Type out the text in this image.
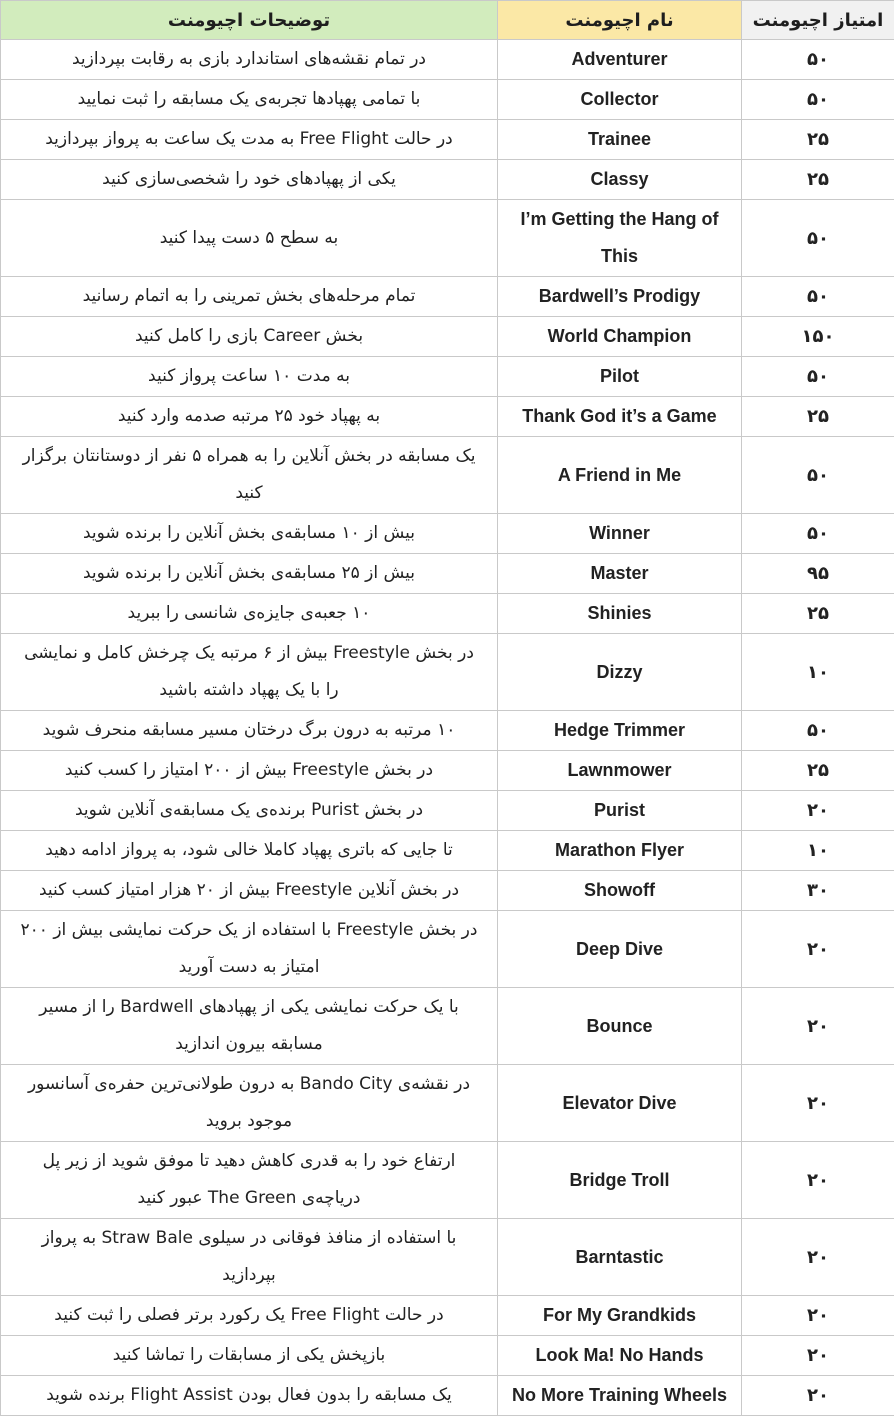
امتیاز اچیومنت	نام اچیومنت	توضیحات اچیومنت
۵۰	Adventurer	در تمام نقشه‌های استاندارد بازی به رقابت بپردازید
۵۰	Collector	با تمامی پهپادها تجربه‌ی یک مسابقه را ثبت نمایید
۲۵	Trainee	در حالت Free Flight به مدت یک ساعت به پرواز بپردازید
۲۵	Classy	یکی از پهپادهای خود را شخصی‌سازی کنید
۵۰	I’m Getting the Hang of This	به سطح ۵ دست پیدا کنید
۵۰	Bardwell’s Prodigy	تمام مرحله‌های بخش تمرینی را به اتمام رسانید
۱۵۰	World Champion	بخش Career بازی را کامل کنید
۵۰	Pilot	به مدت ۱۰ ساعت پرواز کنید
۲۵	Thank God it’s a Game	به پهپاد خود ۲۵ مرتبه صدمه وارد کنید
۵۰	A Friend in Me	یک مسابقه در بخش آنلاین را به همراه ۵ نفر از دوستانتان برگزار کنید
۵۰	Winner	بیش از ۱۰ مسابقه‌ی بخش آنلاین را برنده شوید
۹۵	Master	بیش از ۲۵ مسابقه‌ی بخش آنلاین را برنده شوید
۲۵	Shinies	۱۰ جعبه‌ی جایزه‌ی شانسی را ببرید
۱۰	Dizzy	در بخش Freestyle بیش از ۶ مرتبه یک چرخش کامل و نمایشی را با یک پهپاد داشته باشید
۵۰	Hedge Trimmer	۱۰ مرتبه به درون برگ درختان مسیر مسابقه منحرف شوید
۲۵	Lawnmower	در بخش Freestyle بیش از ۲۰۰ امتیاز را کسب کنید
۲۰	Purist	در بخش Purist برنده‌ی یک مسابقه‌ی آنلاین شوید
۱۰	Marathon Flyer	تا جایی که باتری پهپاد کاملا خالی شود، به پرواز ادامه دهید
۳۰	Showoff	در بخش آنلاین Freestyle بیش از ۲۰ هزار امتیاز کسب کنید
۲۰	Deep Dive	در بخش Freestyle با استفاده از یک حرکت نمایشی بیش از ۲۰۰ امتیاز به دست آورید
۲۰	Bounce	با یک حرکت نمایشی یکی از پهپادهای Bardwell را از مسیر مسابقه بیرون اندازید
۲۰	Elevator Dive	در نقشه‌ی Bando City به درون طولانی‌ترین حفره‌ی آسانسور موجود بروید
۲۰	Bridge Troll	ارتفاع خود را به قدری کاهش دهید تا موفق شوید از زیر پل دریاچه‌ی The Green عبور کنید
۲۰	Barntastic	با استفاده از منافذ فوقانی در سیلوی Straw Bale به پرواز بپردازید
۲۰	For My Grandkids	در حالت Free Flight یک رکورد برتر فصلی را ثبت کنید
۲۰	Look Ma! No Hands	بازپخش یکی از مسابقات را تماشا کنید
۲۰	No More Training Wheels	یک مسابقه را بدون فعال بودن Flight Assist برنده شوید
